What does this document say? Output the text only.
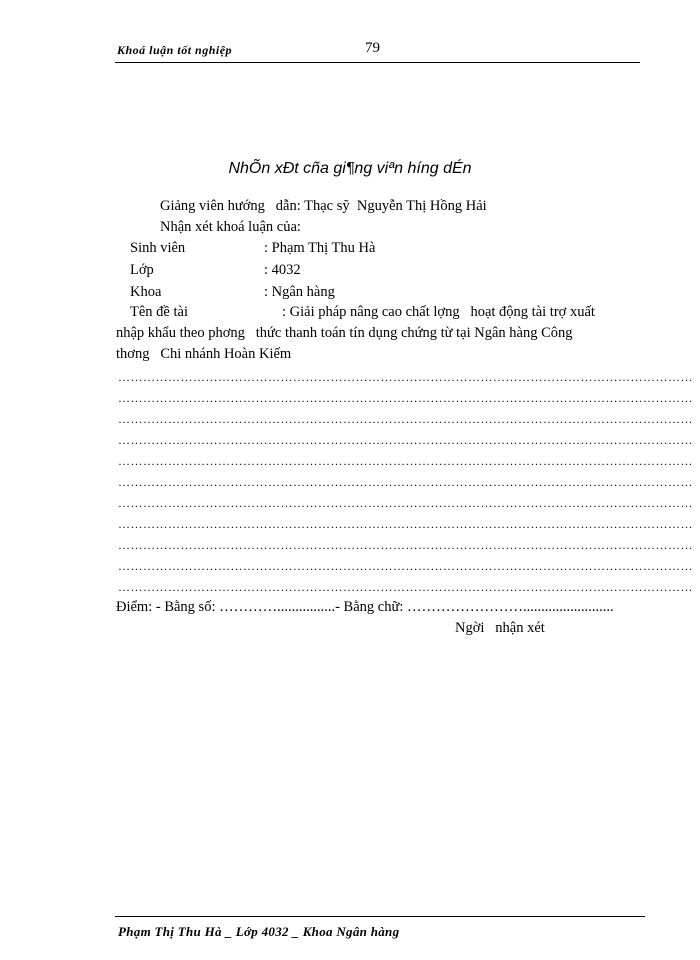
Khoá luận tốt nghiệp	79
NhÕn xÐt cña gi¶ng viªn híng dÉn
Giảng viên hướng   dẫn: Thạc sỹ  Nguyễn Thị Hồng Hải
Nhận xét khoá luận của:
Sinh viên	: Phạm Thị Thu Hà
Lớp	: 4032
Khoa	: Ngân hàng
Tên đề tài	: Giải pháp nâng cao chất lợng   hoạt động tài trợ xuất
nhập khẩu theo phơng   thức thanh toán tín dụng chứng từ tại Ngân hàng Công
thơng   Chi nhánh Hoàn Kiếm
…………………………………………………………………………………………………………………………
…………………………………………………………………………………………………………………………
…………………………………………………………………………………………………………………………
…………………………………………………………………………………………………………………………
…………………………………………………………………………………………………………………………
…………………………………………………………………………………………………………………………
…………………………………………………………………………………………………………………………
…………………………………………………………………………………………………………………………
…………………………………………………………………………………………………………………………
…………………………………………………………………………………………………………………………
…………………………………………………………………………………………………………………………
Điểm: - Bằng số: …………................- Bằng chữ: …………………….........................
Ngời   nhận xét
Phạm Thị Thu Hà _ Lớp 4032 _ Khoa Ngân hàng
